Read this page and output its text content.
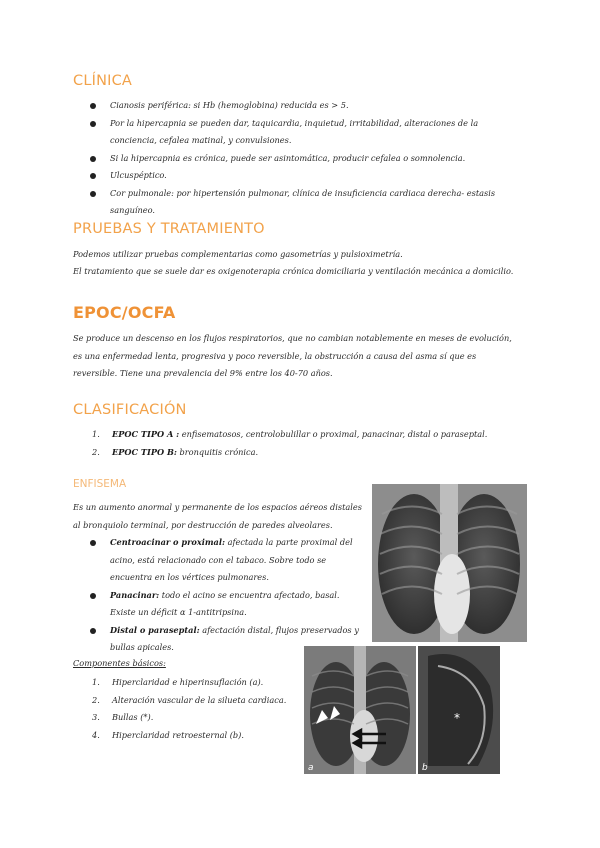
CLÍNICA
Cianosis periférica: si Hb (hemoglobina) reducida es > 5.
Por la hipercapnia se pueden dar, taquicardia, inquietud, irritabilidad, alteraciones de la conciencia, cefalea matinal, y convulsiones.
Si la hipercapnia es crónica, puede ser asintomática, producir cefalea o somnolencia.
Ulcuspéptico.
Cor pulmonale: por hipertensión pulmonar, clínica de insuficiencia cardiaca derecha- estasis sanguíneo.
PRUEBAS Y TRATAMIENTO
Podemos utilizar pruebas complementarias como gasometrías y pulsioximetría.
El tratamiento que se suele dar es oxigenoterapia crónica domiciliaria y ventilación mecánica a domicilio.
EPOC/OCFA
Se produce un descenso en los flujos respiratorios, que no cambian notablemente en meses de evolución, es una enfermedad lenta, progresiva y poco reversible, la obstrucción a causa del asma sí que es reversible. Tiene una prevalencia del 9% entre los 40-70 años.
CLASIFICACIÓN
1. EPOC TIPO A : enfisematosos, centrolobulillar o proximal, panacinar, distal o paraseptal.
2. EPOC TIPO B: bronquitis crónica.
ENFISEMA
Es un aumento anormal y permanente de los espacios aéreos distales al bronquiolo terminal, por destrucción de paredes alveolares.
Centroacinar o proximal: afectada la parte proximal del acino, está relacionado con el tabaco. Sobre todo se encuentra en los vértices pulmonares.
Panacinar: todo el acino se encuentra afectado, basal. Existe un déficit α 1-antitripsina.
Distal o paraseptal: afectación distal, flujos preservados y bullas apicales.
Componentes básicos:
1. Hiperclaridad e hiperinsuflación (a).
2. Alteración vascular de la silueta cardiaca.
3. Bullas (*).
4. Hiperclaridad retroesternal (b).
a
*
b
